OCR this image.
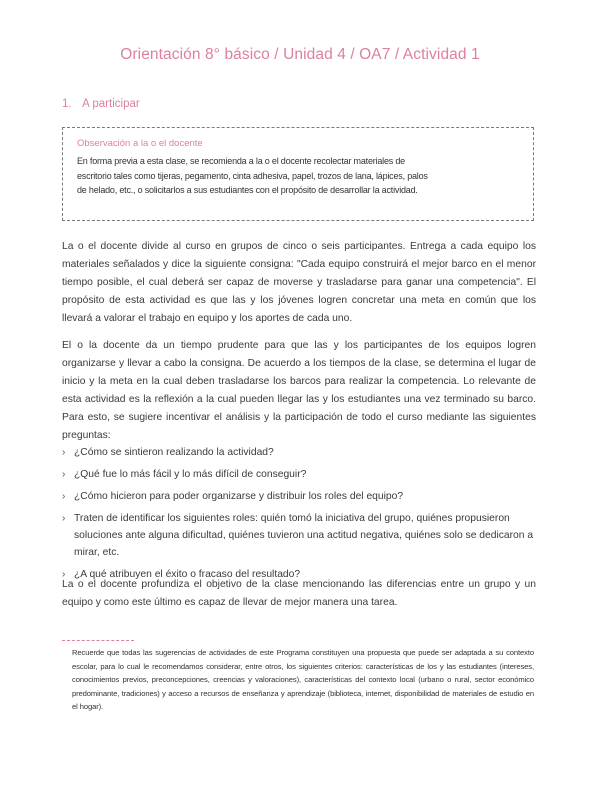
Orientación 8° básico / Unidad 4 / OA7 / Actividad 1
1. A participar
Observación a la o el docente
En forma previa a esta clase, se recomienda a la o el docente recolectar materiales de escritorio tales como tijeras, pegamento, cinta adhesiva, papel, trozos de lana, lápices, palos de helado, etc., o solicitarlos a sus estudiantes con el propósito de desarrollar la actividad.
La o el docente divide al curso en grupos de cinco o seis participantes. Entrega a cada equipo los materiales señalados y dice la siguiente consigna: "Cada equipo construirá el mejor barco en el menor tiempo posible, el cual deberá ser capaz de moverse y trasladarse para ganar una competencia". El propósito de esta actividad es que las y los jóvenes logren concretar una meta en común que los llevará a valorar el trabajo en equipo y los aportes de cada uno.
El o la docente da un tiempo prudente para que las y los participantes de los equipos logren organizarse y llevar a cabo la consigna. De acuerdo a los tiempos de la clase, se determina el lugar de inicio y la meta en la cual deben trasladarse los barcos para realizar la competencia. Lo relevante de esta actividad es la reflexión a la cual pueden llegar las y los estudiantes una vez terminado su barco. Para esto, se sugiere incentivar el análisis y la participación de todo el curso mediante las siguientes preguntas:
› ¿Cómo se sintieron realizando la actividad?
› ¿Qué fue lo más fácil y lo más difícil de conseguir?
› ¿Cómo hicieron para poder organizarse y distribuir los roles del equipo?
› Traten de identificar los siguientes roles: quién tomó la iniciativa del grupo, quiénes propusieron soluciones ante alguna dificultad, quiénes tuvieron una actitud negativa, quiénes solo se dedicaron a mirar, etc.
› ¿A qué atribuyen el éxito o fracaso del resultado?
La o el docente profundiza el objetivo de la clase mencionando las diferencias entre un grupo y un equipo y como este último es capaz de llevar de mejor manera una tarea.
Recuerde que todas las sugerencias de actividades de este Programa constituyen una propuesta que puede ser adaptada a su contexto escolar, para lo cual le recomendamos considerar, entre otros, los siguientes criterios: características de los y las estudiantes (intereses, conocimientos previos, preconcepciones, creencias y valoraciones), características del contexto local (urbano o rural, sector económico predominante, tradiciones) y acceso a recursos de enseñanza y aprendizaje (biblioteca, internet, disponibilidad de materiales de estudio en el hogar).
